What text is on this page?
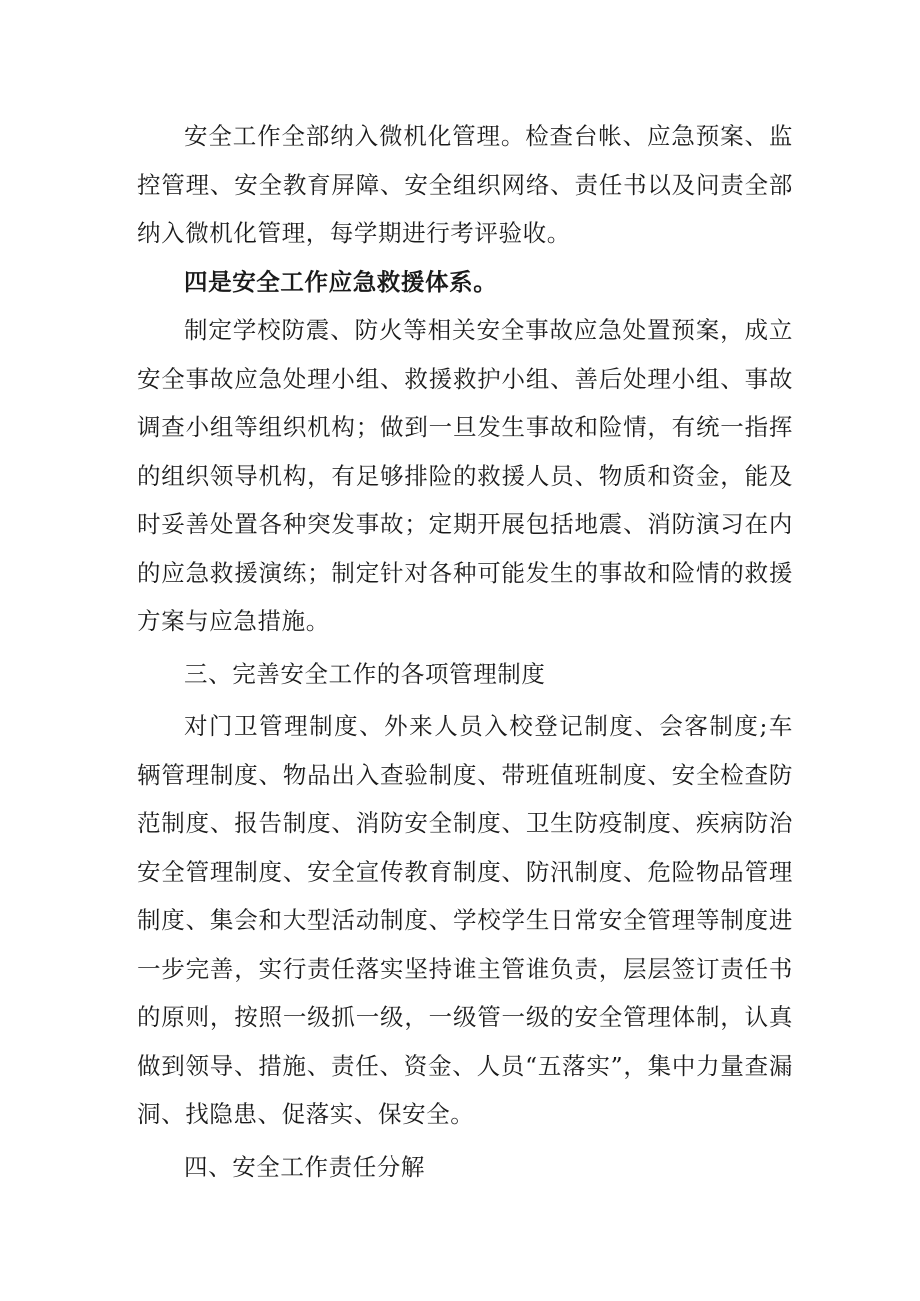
安全工作全部纳入微机化管理。检查台帐、应急预案、监控管理、安全教育屏障、安全组织网络、责任书以及问责全部纳入微机化管理，每学期进行考评验收。

四是安全工作应急救援体系。

制定学校防震、防火等相关安全事故应急处置预案，成立安全事故应急处理小组、救援救护小组、善后处理小组、事故调查小组等组织机构；做到一旦发生事故和险情，有统一指挥的组织领导机构，有足够排险的救援人员、物质和资金，能及时妥善处置各种突发事故；定期开展包括地震、消防演习在内的应急救援演练；制定针对各种可能发生的事故和险情的救援方案与应急措施。

三、完善安全工作的各项管理制度

对门卫管理制度、外来人员入校登记制度、会客制度;车辆管理制度、物品出入查验制度、带班值班制度、安全检查防范制度、报告制度、消防安全制度、卫生防疫制度、疾病防治安全管理制度、安全宣传教育制度、防汛制度、危险物品管理制度、集会和大型活动制度、学校学生日常安全管理等制度进一步完善，实行责任落实坚持谁主管谁负责，层层签订责任书的原则，按照一级抓一级，一级管一级的安全管理体制，认真做到领导、措施、责任、资金、人员“五落实”，集中力量查漏洞、找隐患、促落实、保安全。

四、安全工作责任分解
